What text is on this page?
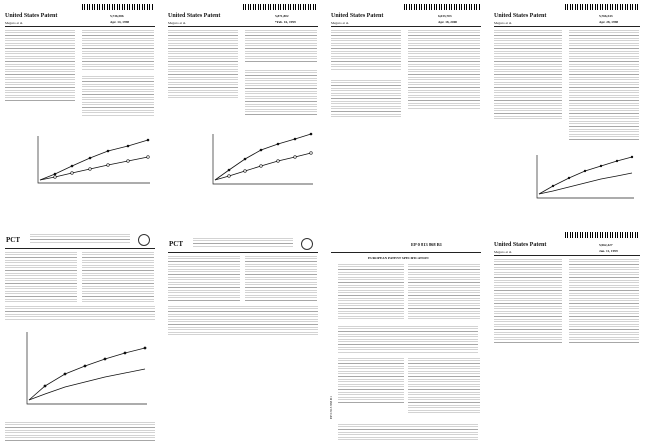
United States Patent
Meguro et al.
5,736,586
Apr. 14, 1998
United States Patent
Meguro et al.
5,871,802
*Feb. 16, 1999
United States Patent
Meguro et al.
6,033,703
Apr. 18, 2000
United States Patent
Meguro et al.
5,766,543
Apr. 28, 1998
PCT	PCT	EP 0 813 868 B1
EUROPEAN PATENT SPECIFICATION
EP 0 813 868 B1
United States Patent
Meguro et al.
5,962,427
Jan. 11, 1999
